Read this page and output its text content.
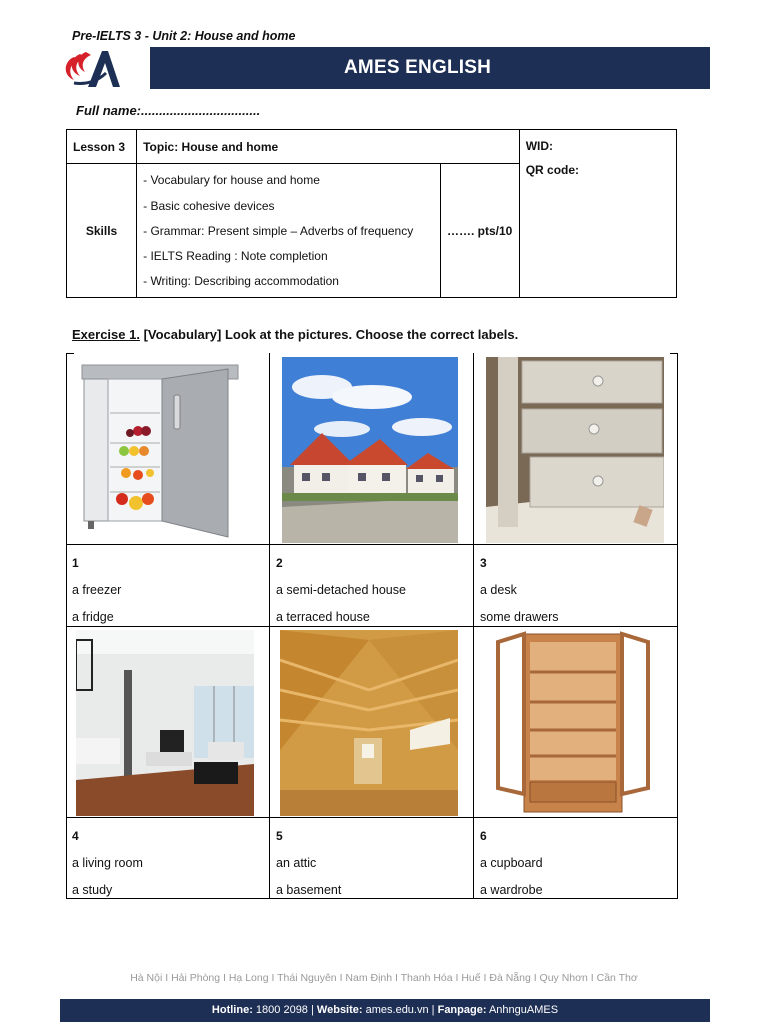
Pre-IELTS 3 - Unit 2: House and home
AMES ENGLISH
Full name:.................................
Lesson 3	Topic: House and home		WID:
QR code:

Skills	- Vocabulary for house and home
- Basic cohesive devices
- Grammar: Present simple – Adverbs of frequency
- IELTS Reading : Note completion
- Writing: Describing accommodation	……. pts/10	
Exercise 1. [Vocabulary] Look at the pictures. Choose the correct labels.
1
a freezer
a fridge
2
a semi-detached house
a terraced house
3
a desk
some drawers
4
a living room
a study
5
an attic
a basement
6
a cupboard
a wardrobe
Hà Nội I Hải Phòng I Hạ Long I Thái Nguyên I Nam Định I Thanh Hóa I Huế I Đà Nẵng I Quy Nhơn I Cần Thơ
Hotline: 1800 2098 | Website: ames.edu.vn | Fanpage: AnhnguAMES
